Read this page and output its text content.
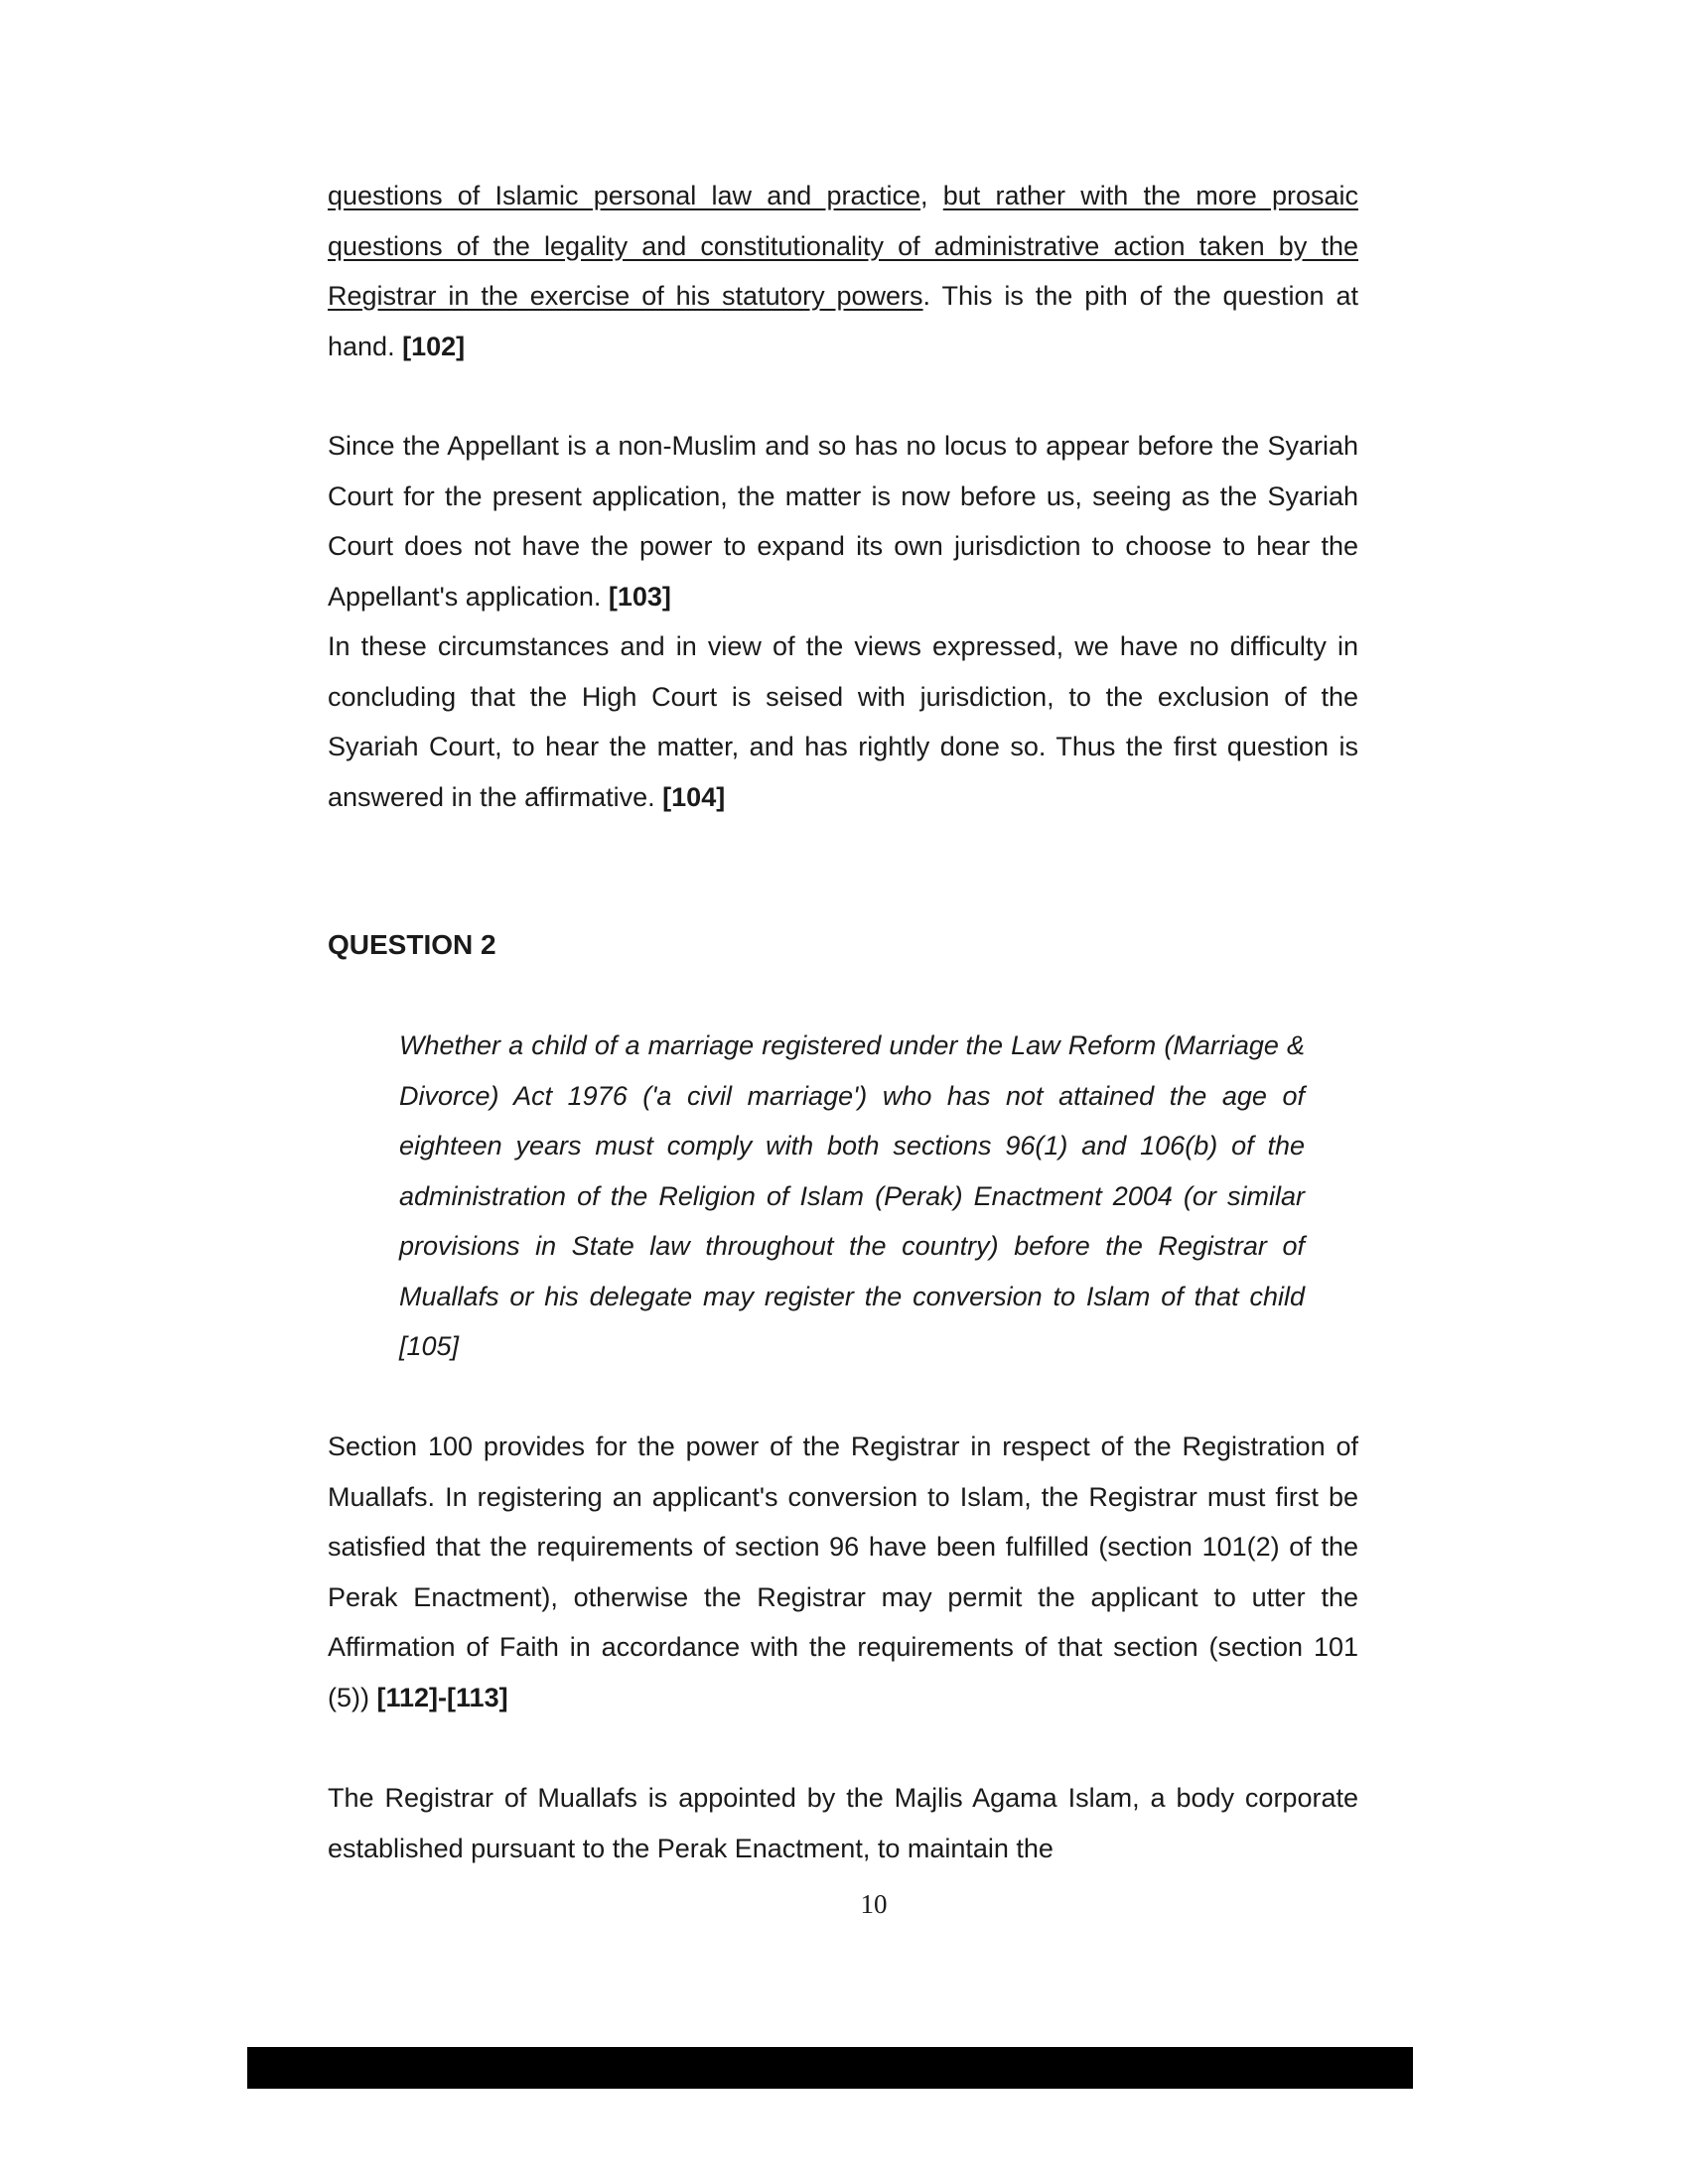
questions of Islamic personal law and practice, but rather with the more prosaic questions of the legality and constitutionality of administrative action taken by the Registrar in the exercise of his statutory powers. This is the pith of the question at hand. [102]

Since the Appellant is a non-Muslim and so has no locus to appear before the Syariah Court for the present application, the matter is now before us, seeing as the Syariah Court does not have the power to expand its own jurisdiction to choose to hear the Appellant's application. [103]

In these circumstances and in view of the views expressed, we have no difficulty in concluding that the High Court is seised with jurisdiction, to the exclusion of the Syariah Court, to hear the matter, and has rightly done so. Thus the first question is answered in the affirmative. [104]

QUESTION 2

Whether a child of a marriage registered under the Law Reform (Marriage & Divorce) Act 1976 ('a civil marriage') who has not attained the age of eighteen years must comply with both sections 96(1) and 106(b) of the administration of the Religion of Islam (Perak) Enactment 2004 (or similar provisions in State law throughout the country) before the Registrar of Muallafs or his delegate may register the conversion to Islam of that child [105]

Section 100 provides for the power of the Registrar in respect of the Registration of Muallafs. In registering an applicant's conversion to Islam, the Registrar must first be satisfied that the requirements of section 96 have been fulfilled (section 101(2) of the Perak Enactment), otherwise the Registrar may permit the applicant to utter the Affirmation of Faith in accordance with the requirements of that section (section 101 (5)) [112]-[113]

The Registrar of Muallafs is appointed by the Majlis Agama Islam, a body corporate established pursuant to the Perak Enactment, to maintain the

10
